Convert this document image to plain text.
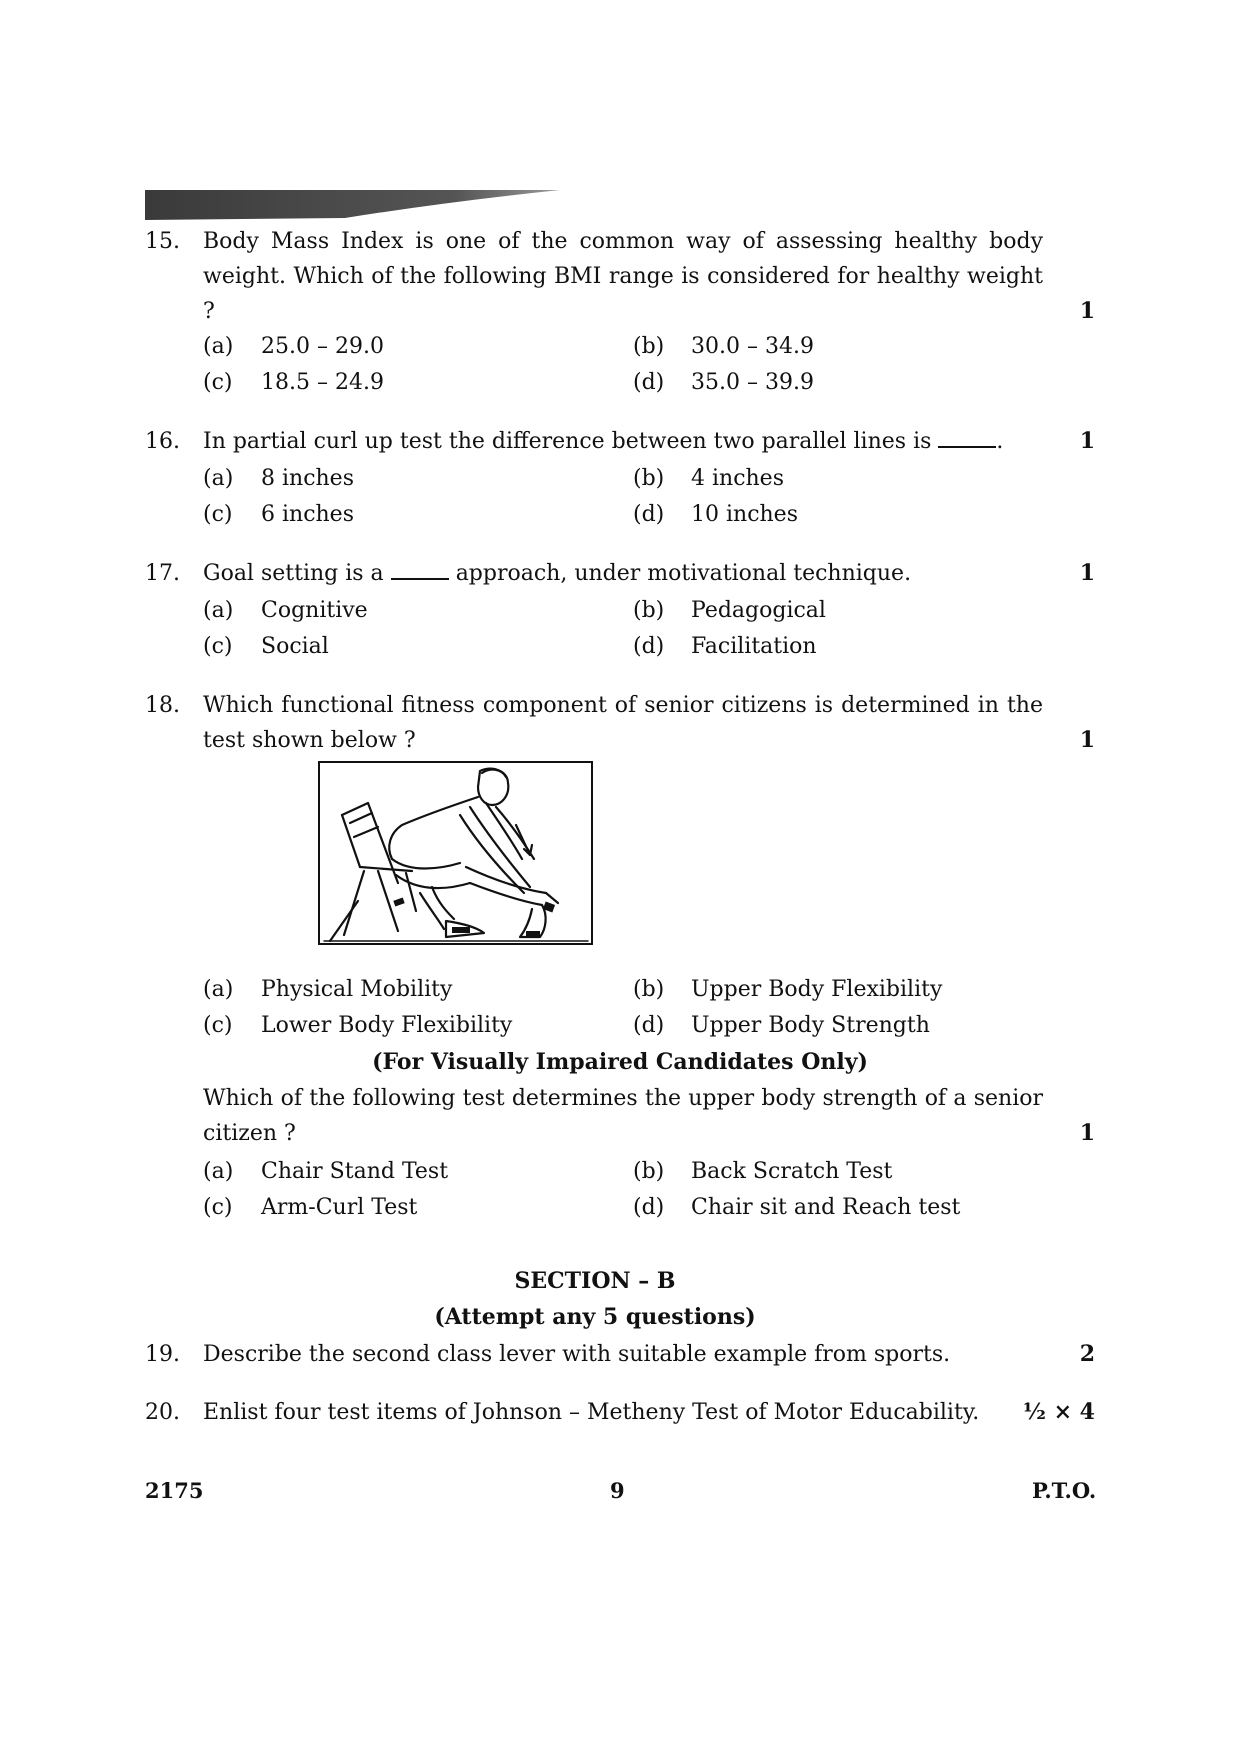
15.	Body Mass Index is one of the common way of assessing healthy body weight. Which of the following BMI range is considered for healthy weight ?	1
(a)	25.0 – 29.0	(b)	30.0 – 34.9
(c)	18.5 – 24.9	(d)	35.0 – 39.9
16.	In partial curl up test the difference between two parallel lines is	.	1
(a)	8 inches	(b)	4 inches
(c)	6 inches	(d)	10 inches
17.	Goal setting is a	approach, under motivational technique.	1
(a)	Cognitive	(b)	Pedagogical
(c)	Social	(d)	Facilitation
18.	Which functional fitness component of senior citizens is determined in the test shown below ?	1
(a)	Physical Mobility	(b)	Upper Body Flexibility
(c)	Lower Body Flexibility	(d)	Upper Body Strength
(For Visually Impaired Candidates Only)
Which of the following test determines the upper body strength of a senior citizen ?	1
(a)	Chair Stand Test	(b)	Back Scratch Test
(c)	Arm-Curl Test	(d)	Chair sit and Reach test
SECTION – B
(Attempt any 5 questions)
19.	Describe the second class lever with suitable example from sports.	2
20.	Enlist four test items of Johnson – Metheny Test of Motor Educability.	½ × 4
2175	9	P.T.O.
